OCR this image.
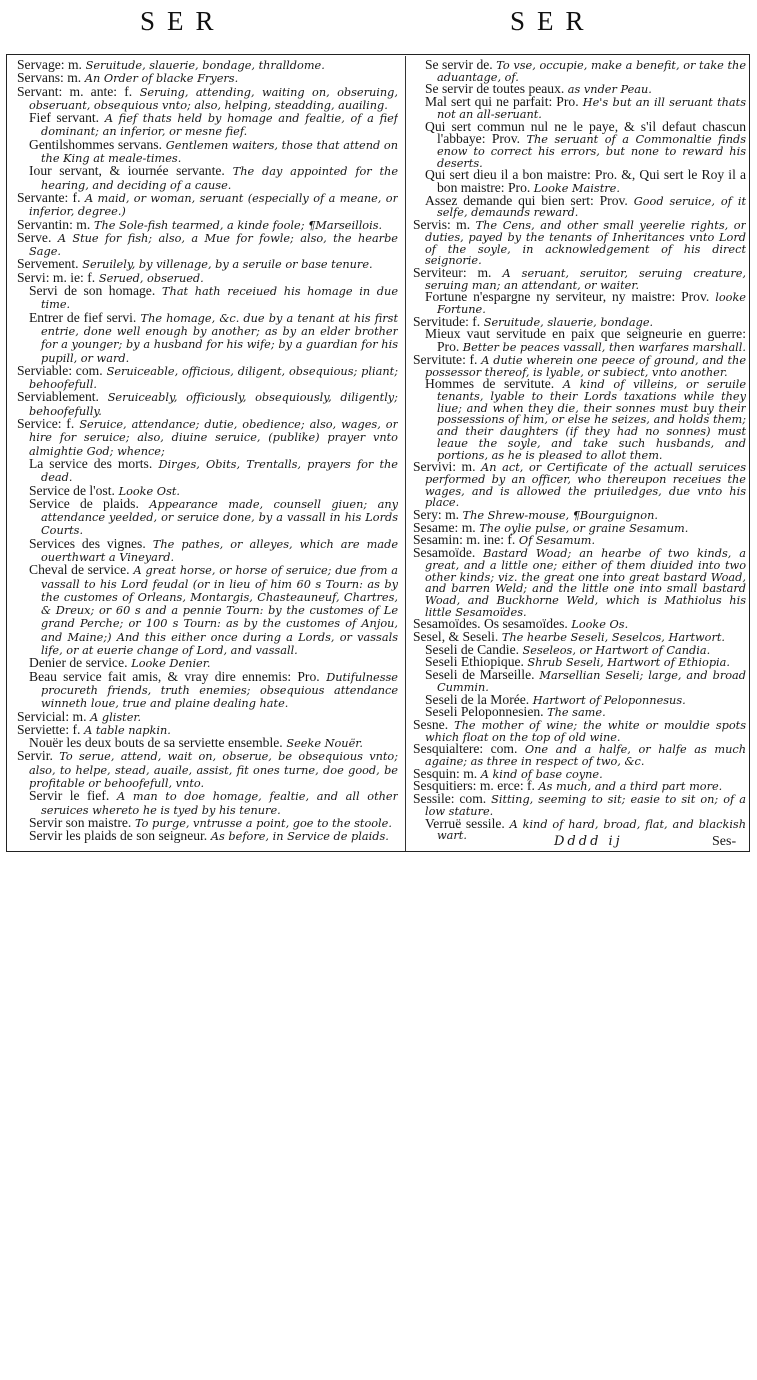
SER	SER

Servage: m. Seruitude, slauerie, bondage, thralldome.

Servans: m. An Order of blacke Fryers.

Servant: m. ante: f. Seruing, attending, waiting on, obseruing, obseruant, obsequious vnto; also, helping, steadding, auailing.

Fief servant. A fief thats held by homage and fealtie, of a fief dominant; an inferior, or mesne fief.

Gentilshommes servans. Gentlemen waiters, those that attend on the King at meale-times.

Iour servant, & iournée servante. The day appointed for the hearing, and deciding of a cause.

Servante: f. A maid, or woman, seruant (especially of a meane, or inferior, degree.)

Servantin: m. The Sole-fish tearmed, a kinde foole; ¶Marseillois.

Serve. A Stue for fish; also, a Mue for fowle; also, the hearbe Sage.

Servement. Seruilely, by villenage, by a seruile or base tenure.

Servi: m. ie: f. Serued, obserued.

Servi de son homage. That hath receiued his homage in due time.

Entrer de fief servi. The homage, &c. due by a tenant at his first entrie, done well enough by another; as by an elder brother for a younger; by a husband for his wife; by a guardian for his pupill, or ward.

Serviable: com. Seruiceable, officious, diligent, obsequious; pliant; behoofefull.

Serviablement. Seruiceably, officiously, obsequiously, diligently; behoofefully.

Service: f. Seruice, attendance; dutie, obedience; also, wages, or hire for seruice; also, diuine seruice, (publike) prayer vnto almightie God; whence;

La service des morts. Dirges, Obits, Trentalls, prayers for the dead.

Service de l'ost. Looke Ost.

Service de plaids. Appearance made, counsell giuen; any attendance yeelded, or seruice done, by a vassall in his Lords Courts.

Services des vignes. The pathes, or alleyes, which are made ouerthwart a Vineyard.

Cheval de service. A great horse, or horse of seruice; due from a vassall to his Lord feudal (or in lieu of him 60 s Tourn: as by the customes of Orleans, Montargis, Chasteauneuf, Chartres, & Dreux; or 60 s and a pennie Tourn: by the customes of Le grand Perche; or 100 s Tourn: as by the customes of Anjou, and Maine;) And this either once during a Lords, or vassals life, or at euerie change of Lord, and vassall.

Denier de service. Looke Denier.

Beau service fait amis, & vray dire ennemis: Pro. Dutifulnesse procureth friends, truth enemies; obsequious attendance winneth loue, true and plaine dealing hate.

Servicial: m. A glister.

Serviette: f. A table napkin.

Nouër les deux bouts de sa serviette ensemble. Seeke Nouër.

Servir. To serue, attend, wait on, obserue, be obsequious vnto; also, to helpe, stead, auaile, assist, fit ones turne, doe good, be profitable or behoofefull, vnto.

Servir le fief. A man to doe homage, fealtie, and all other seruices whereto he is tyed by his tenure.

Servir son maistre. To purge, vntrusse a point, goe to the stoole.

Servir les plaids de son seigneur. As before, in Service de plaids.

Se servir de. To vse, occupie, make a benefit, or take the aduantage, of.

Se servir de toutes peaux. as vnder Peau.

Mal sert qui ne parfait: Pro. He's but an ill seruant thats not an all-seruant.

Qui sert commun nul ne le paye, & s'il defaut chascun l'abbaye: Prov. The seruant of a Commonaltie finds enow to correct his errors, but none to reward his deserts.

Qui sert dieu il a bon maistre: Pro. &, Qui sert le Roy il a bon maistre: Pro. Looke Maistre.

Assez demande qui bien sert: Prov. Good seruice, of it selfe, demaunds reward.

Servis: m. The Cens, and other small yeerelie rights, or duties, payed by the tenants of Inheritances vnto Lord of the soyle, in acknowledgement of his direct seignorie.

Serviteur: m. A seruant, seruitor, seruing creature, seruing man; an attendant, or waiter.

Fortune n'espargne ny serviteur, ny maistre: Prov. looke Fortune.

Servitude: f. Seruitude, slauerie, bondage.

Mieux vaut servitude en paix que seigneurie en guerre: Pro. Better be peaces vassall, then warfares marshall.

Servitute: f. A dutie wherein one peece of ground, and the possessor thereof, is lyable, or subiect, vnto another.

Hommes de servitute. A kind of villeins, or seruile tenants, lyable to their Lords taxations while they liue; and when they die, their sonnes must buy their possessions of him, or else he seizes, and holds them; and their daughters (if they had no sonnes) must leaue the soyle, and take such husbands, and portions, as he is pleased to allot them.

Servivi: m. An act, or Certificate of the actuall seruices performed by an officer, who thereupon receiues the wages, and is allowed the priuiledges, due vnto his place.

Sery: m. The Shrew-mouse, ¶Bourguignon.

Sesame: m. The oylie pulse, or graine Sesamum.

Sesamin: m. ine: f. Of Sesamum.

Sesamoïde. Bastard Woad; an hearbe of two kinds, a great, and a little one; either of them diuided into two other kinds; viz. the great one into great bastard Woad, and barren Weld; and the little one into small bastard Woad, and Buckhorne Weld, which is Mathiolus his little Sesamoïdes.

Sesamoïdes. Os sesamoïdes. Looke Os.

Sesel, & Seseli. The hearbe Seseli, Seselcos, Hartwort.

Seseli de Candie. Seseleos, or Hartwort of Candia.

Seseli Ethiopique. Shrub Seseli, Hartwort of Ethiopia.

Seseli de Marseille. Marsellian Seseli; large, and broad Cummin.

Seseli de la Morée. Hartwort of Peloponnesus.

Seseli Peloponnesien. The same.

Sesne. The mother of wine; the white or mouldie spots which float on the top of old wine.

Sesquialtere: com. One and a halfe, or halfe as much againe; as three in respect of two, &c.

Sesquin: m. A kind of base coyne.

Sesquitiers: m. erce: f. As much, and a third part more.

Sessile: com. Sitting, seeming to sit; easie to sit on; of a low stature.

Verruë sessile. A kind of hard, broad, flat, and blackish wart.	Dddd ij	Ses-
